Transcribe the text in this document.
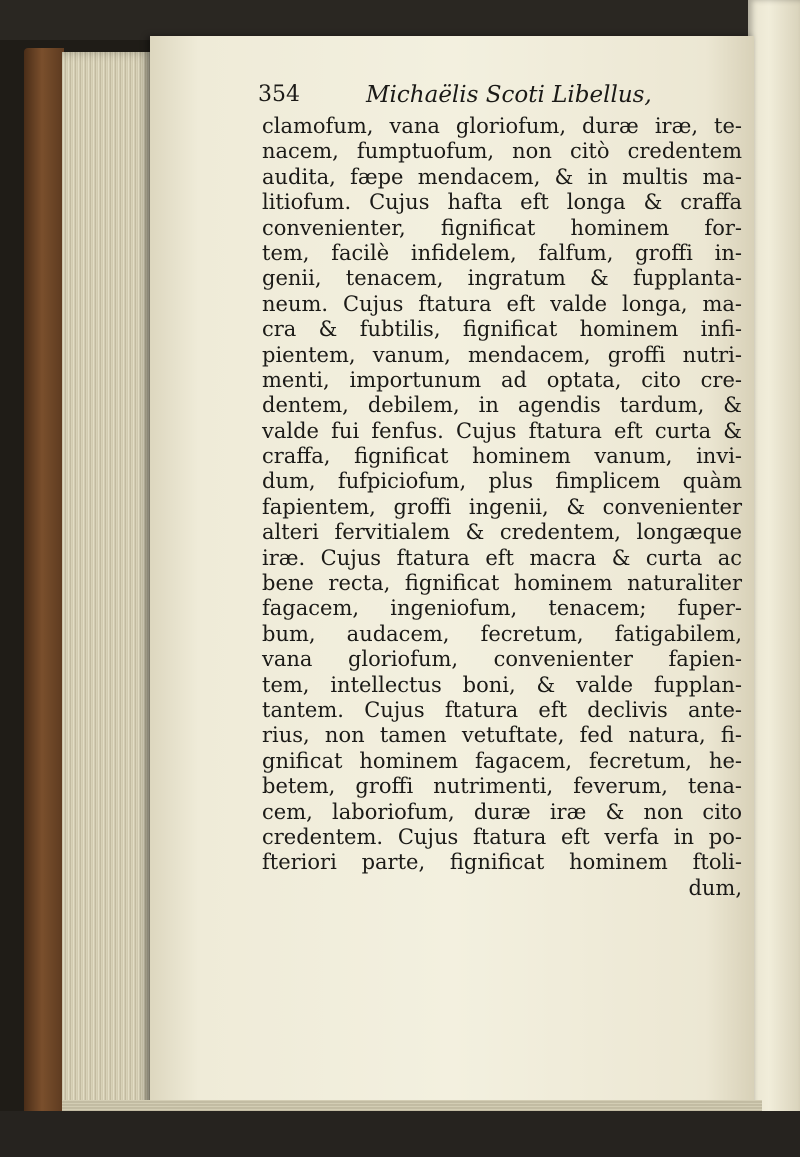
354	Michaëlis Scoti Libellus,
clamofum, vana gloriofum, duræ iræ, te-
nacem, fumptuofum, non citò credentem
audita, fæpe mendacem, & in multis ma-
litiofum. Cujus hafta eft longa & craffa
convenienter, fignificat hominem for-
tem, facilè infidelem, falfum, groffi in-
genii, tenacem, ingratum & fupplanta-
neum. Cujus ftatura eft valde longa, ma-
cra & fubtilis, fignificat hominem infi-
pientem, vanum, mendacem, groffi nutri-
menti, importunum ad optata, cito cre-
dentem, debilem, in agendis tardum, &
valde fui fenfus. Cujus ftatura eft curta &
craffa, fignificat hominem vanum, invi-
dum, fufpiciofum, plus fimplicem quàm
fapientem, groffi ingenii, & convenienter
alteri fervitialem & credentem, longæque
iræ. Cujus ftatura eft macra & curta ac
bene recta, fignificat hominem naturaliter
fagacem, ingeniofum, tenacem; fuper-
bum, audacem, fecretum, fatigabilem,
vana gloriofum, convenienter fapien-
tem, intellectus boni, & valde fupplan-
tantem. Cujus ftatura eft declivis ante-
rius, non tamen vetuftate, fed natura, fi-
gnificat hominem fagacem, fecretum, he-
betem, groffi nutrimenti, feverum, tena-
cem, laboriofum, duræ iræ & non cito
credentem. Cujus ftatura eft verfa in po-
fteriori parte, fignificat hominem ftoli-
dum,
